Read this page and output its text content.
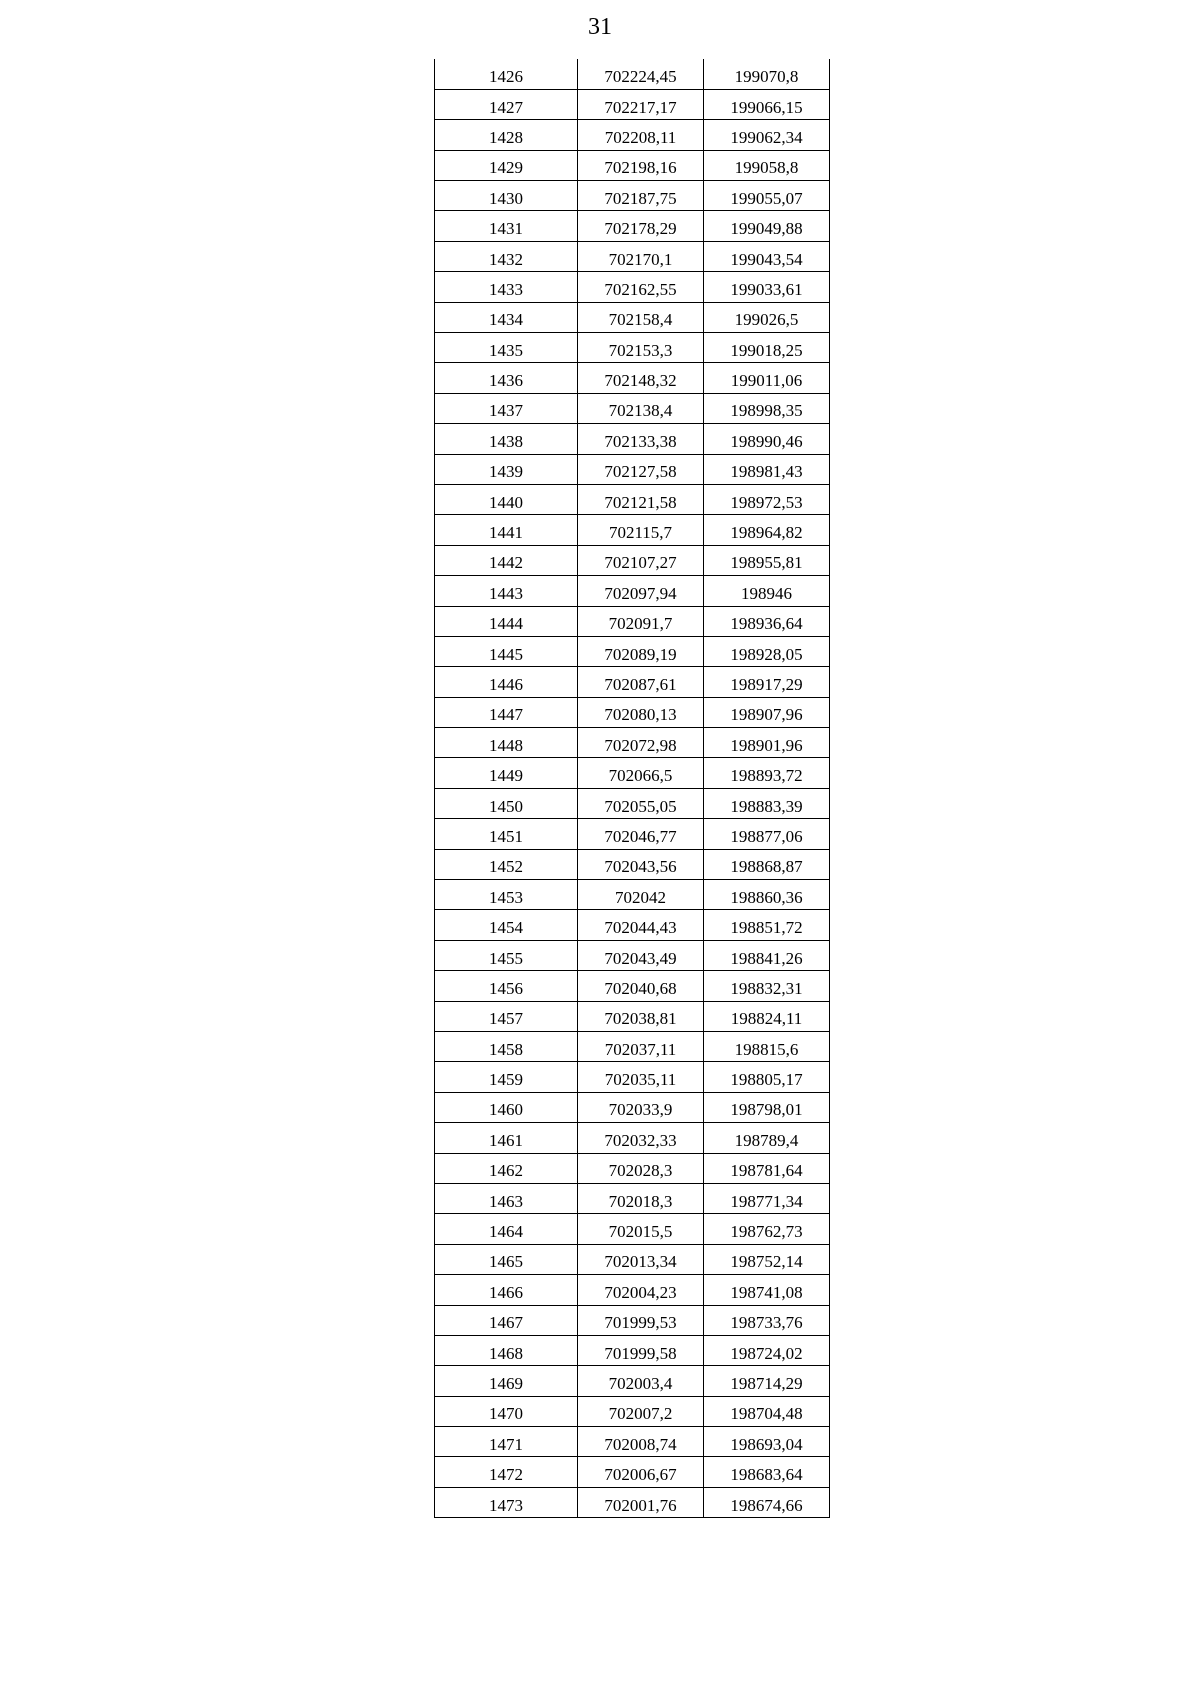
31
1426	702224,45	199070,8
1427	702217,17	199066,15
1428	702208,11	199062,34
1429	702198,16	199058,8
1430	702187,75	199055,07
1431	702178,29	199049,88
1432	702170,1	199043,54
1433	702162,55	199033,61
1434	702158,4	199026,5
1435	702153,3	199018,25
1436	702148,32	199011,06
1437	702138,4	198998,35
1438	702133,38	198990,46
1439	702127,58	198981,43
1440	702121,58	198972,53
1441	702115,7	198964,82
1442	702107,27	198955,81
1443	702097,94	198946
1444	702091,7	198936,64
1445	702089,19	198928,05
1446	702087,61	198917,29
1447	702080,13	198907,96
1448	702072,98	198901,96
1449	702066,5	198893,72
1450	702055,05	198883,39
1451	702046,77	198877,06
1452	702043,56	198868,87
1453	702042	198860,36
1454	702044,43	198851,72
1455	702043,49	198841,26
1456	702040,68	198832,31
1457	702038,81	198824,11
1458	702037,11	198815,6
1459	702035,11	198805,17
1460	702033,9	198798,01
1461	702032,33	198789,4
1462	702028,3	198781,64
1463	702018,3	198771,34
1464	702015,5	198762,73
1465	702013,34	198752,14
1466	702004,23	198741,08
1467	701999,53	198733,76
1468	701999,58	198724,02
1469	702003,4	198714,29
1470	702007,2	198704,48
1471	702008,74	198693,04
1472	702006,67	198683,64
1473	702001,76	198674,66
